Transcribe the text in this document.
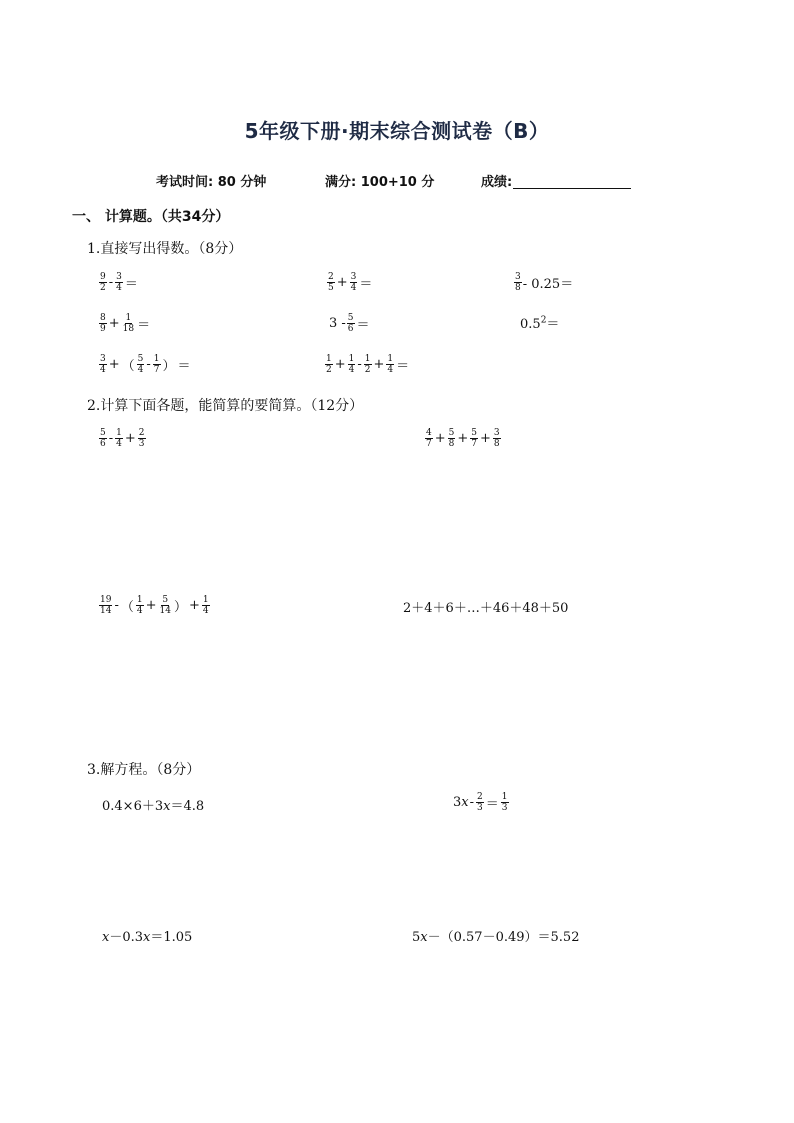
5年级下册·期末综合测试卷（B）
考试时间: 80 分钟	满分: 100+10 分	成绩:
一、 计算题。（共34分）
1.直接写出得数。（8分）
$\frac{9}{2} - \frac{3}{4}$ ＝	$\frac{2}{5} + \frac{3}{4}$ ＝	$\frac{3}{8} - 0.25=$
$\frac{8}{9} + \frac{1}{18}$ ＝	$3 - \frac{5}{6}$ ＝	$0.5^2=$
$\frac{3}{4}$ + （ $\frac{5}{4} - \frac{1}{7}$ ） ＝	$\frac{1}{2} + \frac{1}{4} - \frac{1}{2} + \frac{1}{4}$ ＝
2.计算下面各题，能简算的要简算。（12分）
$\frac{5}{6} - \frac{1}{4} + \frac{2}{3}$	$\frac{4}{7} + \frac{5}{8} + \frac{5}{7} + \frac{3}{8}$
$\frac{19}{14}$ - （ $\frac{1}{4} + \frac{5}{14}$ ） + $\frac{1}{4}$	2＋4＋6＋…＋46＋48＋50
3.解方程。（8分）
0.4×6＋3x＝4.8	3 $x - \frac{2}{3} = \frac{1}{3}$
x－0.3x＝1.05	5x－（0.57－0.49）＝5.52
